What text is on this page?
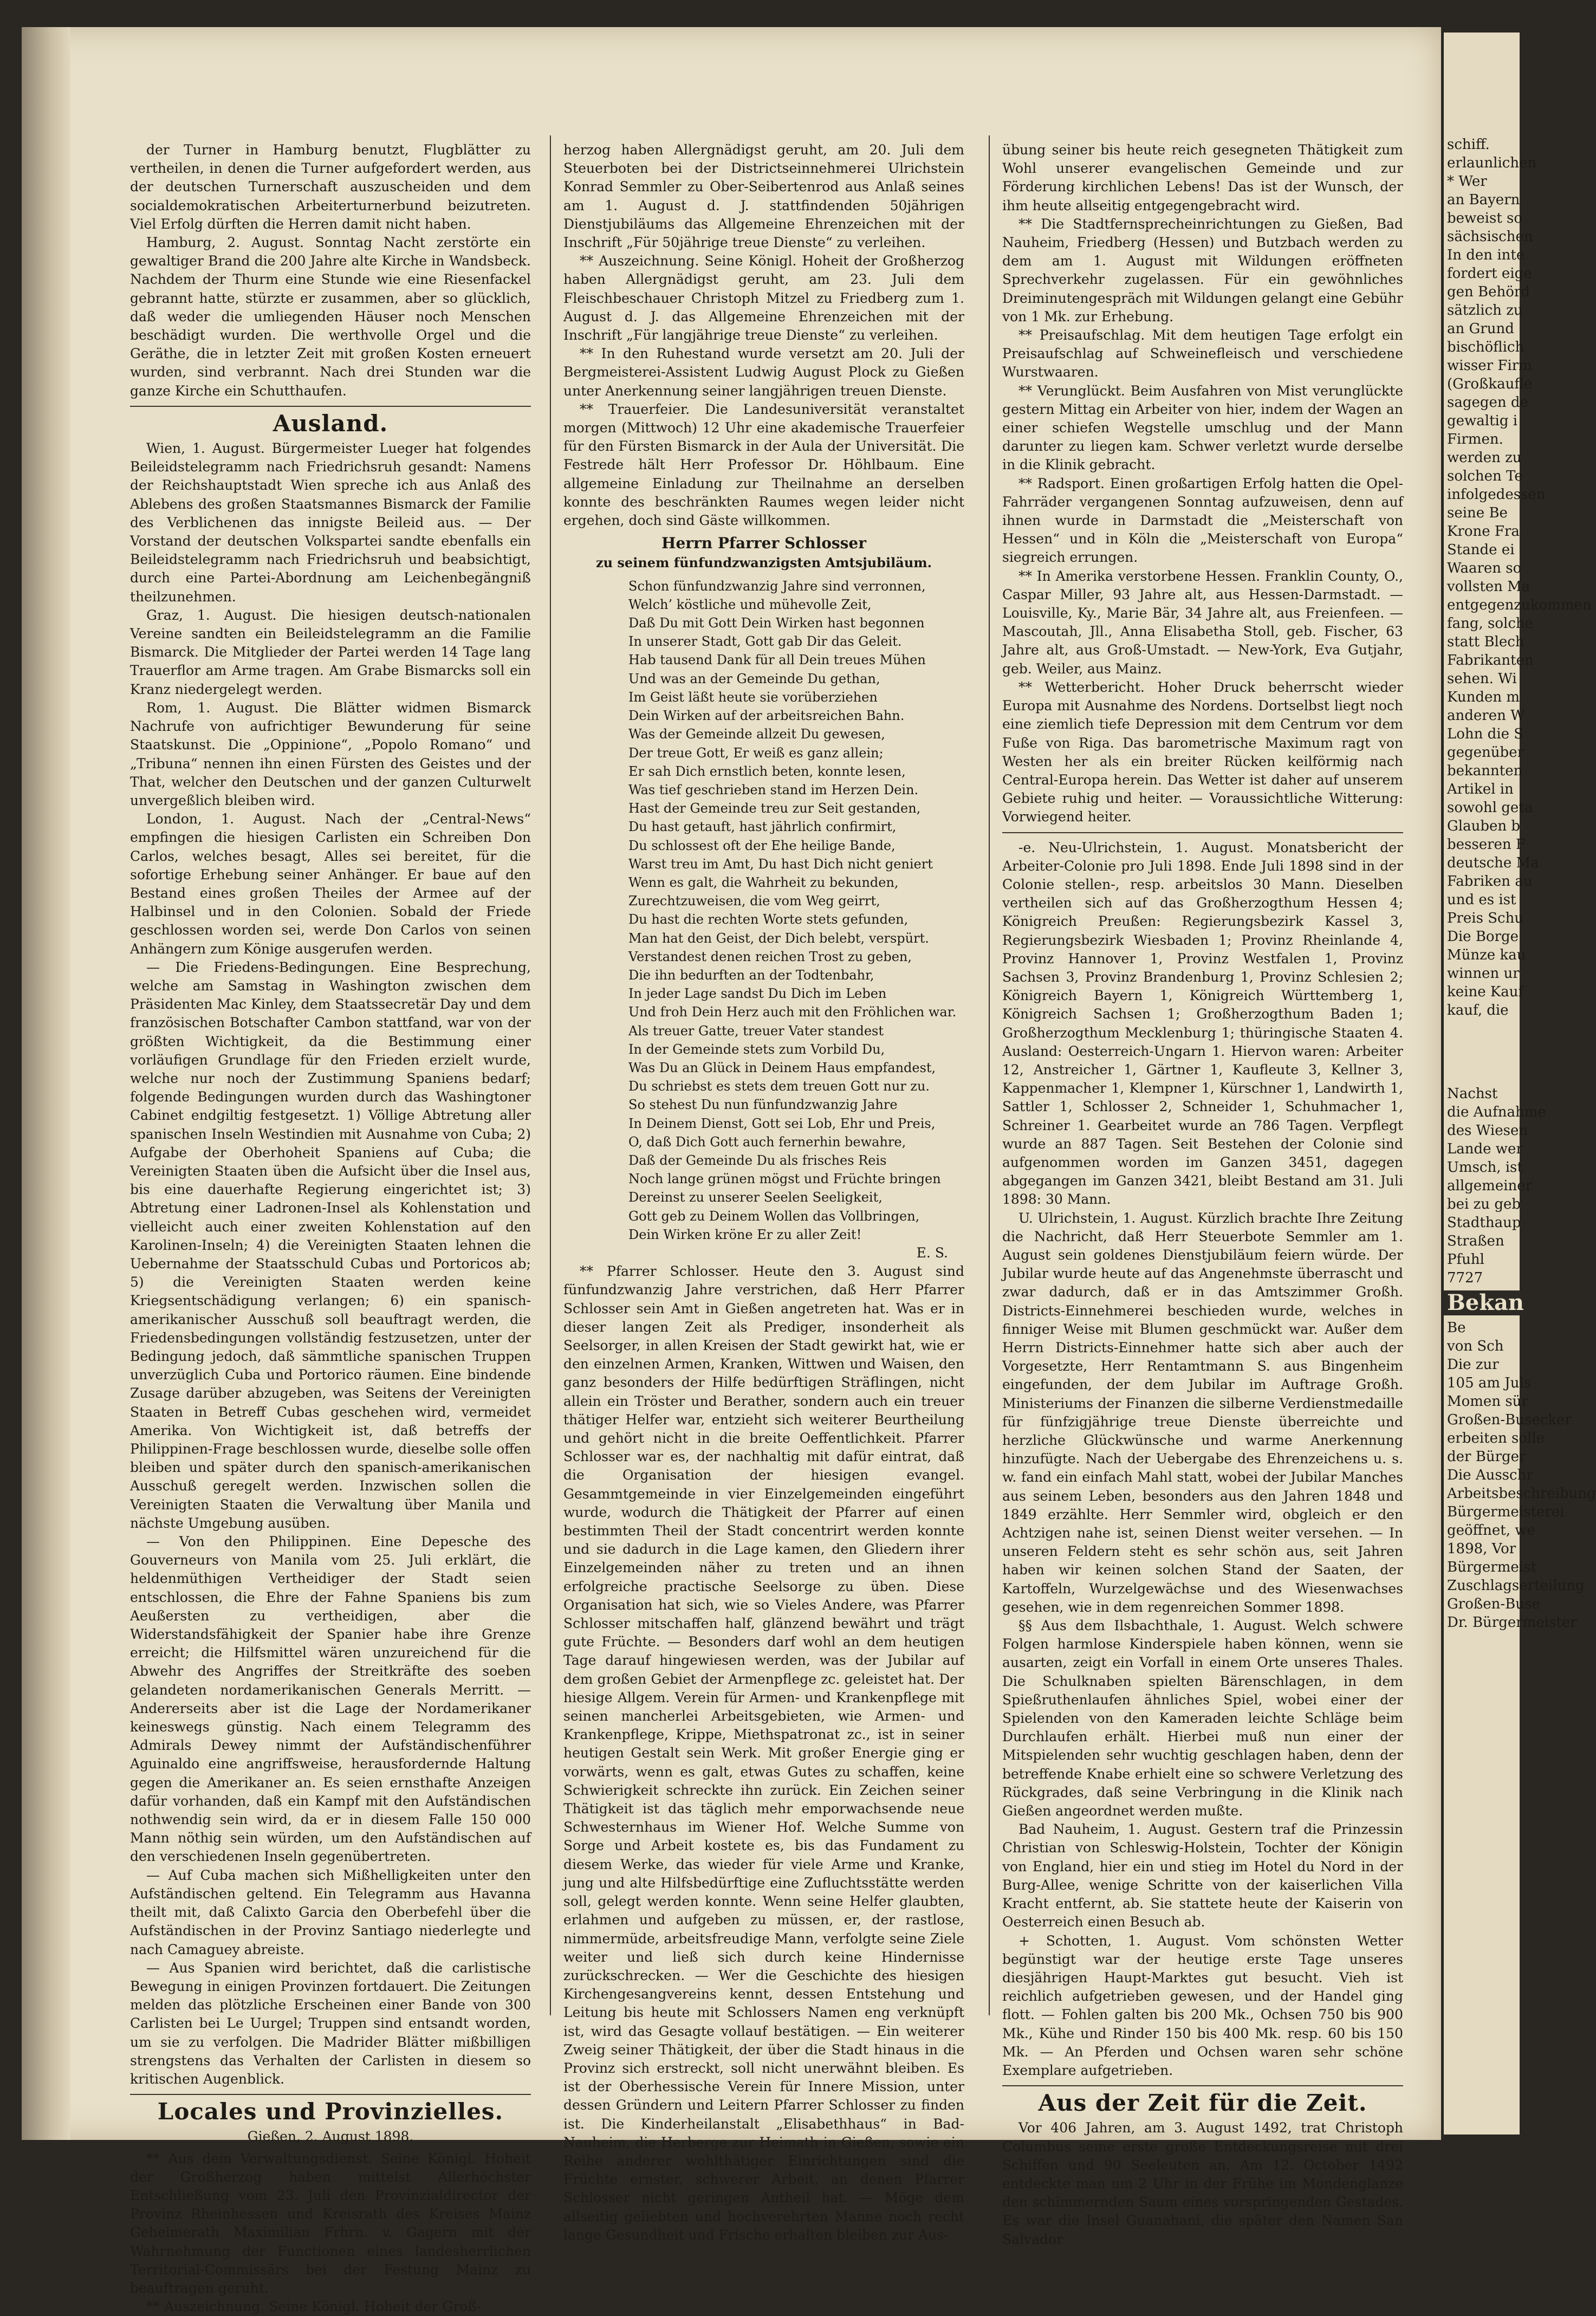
der Turner in Hamburg benutzt, Flugblätter zu vertheilen, in denen die Turner aufgefordert werden, aus der deutschen Turnerschaft auszuscheiden und dem socialdemokratischen Arbeiterturnerbund beizutreten. Viel Erfolg dürften die Herren damit nicht haben.

Hamburg, 2. August. Sonntag Nacht zerstörte ein gewaltiger Brand die 200 Jahre alte Kirche in Wandsbeck. Nachdem der Thurm eine Stunde wie eine Riesenfackel gebrannt hatte, stürzte er zusammen, aber so glücklich, daß weder die umliegenden Häuser noch Menschen beschädigt wurden. Die werthvolle Orgel und die Geräthe, die in letzter Zeit mit großen Kosten erneuert wurden, sind verbrannt. Nach drei Stunden war die ganze Kirche ein Schutthaufen.

Ausland.

Wien, 1. August. Bürgermeister Lueger hat folgendes Beileidstelegramm nach Friedrichsruh gesandt: Namens der Reichshauptstadt Wien spreche ich aus Anlaß des Ablebens des großen Staatsmannes Bismarck der Familie des Verblichenen das innigste Beileid aus. — Der Vorstand der deutschen Volkspartei sandte ebenfalls ein Beileidstelegramm nach Friedrichsruh und beabsichtigt, durch eine Partei-Abordnung am Leichenbegängniß theilzunehmen.

Graz, 1. August. Die hiesigen deutsch-nationalen Vereine sandten ein Beileidstelegramm an die Familie Bismarck. Die Mitglieder der Partei werden 14 Tage lang Trauerflor am Arme tragen. Am Grabe Bismarcks soll ein Kranz niedergelegt werden.

Rom, 1. August. Die Blätter widmen Bismarck Nachrufe von aufrichtiger Bewunderung für seine Staatskunst. Die „Oppinione“, „Popolo Romano“ und „Tribuna“ nennen ihn einen Fürsten des Geistes und der That, welcher den Deutschen und der ganzen Culturwelt unvergeßlich bleiben wird.

London, 1. August. Nach der „Central-News“ empfingen die hiesigen Carlisten ein Schreiben Don Carlos, welches besagt, Alles sei bereitet, für die sofortige Erhebung seiner Anhänger. Er baue auf den Bestand eines großen Theiles der Armee auf der Halbinsel und in den Colonien. Sobald der Friede geschlossen worden sei, werde Don Carlos von seinen Anhängern zum Könige ausgerufen werden.

— Die Friedens-Bedingungen. Eine Besprechung, welche am Samstag in Washington zwischen dem Präsidenten Mac Kinley, dem Staatssecretär Day und dem französischen Botschafter Cambon stattfand, war von der größten Wichtigkeit, da die Bestimmung einer vorläufigen Grundlage für den Frieden erzielt wurde, welche nur noch der Zustimmung Spaniens bedarf; folgende Bedingungen wurden durch das Washingtoner Cabinet endgiltig festgesetzt. 1) Völlige Abtretung aller spanischen Inseln Westindien mit Ausnahme von Cuba; 2) Aufgabe der Oberhoheit Spaniens auf Cuba; die Vereinigten Staaten üben die Aufsicht über die Insel aus, bis eine dauerhafte Regierung eingerichtet ist; 3) Abtretung einer Ladronen-Insel als Kohlenstation und vielleicht auch einer zweiten Kohlenstation auf den Karolinen-Inseln; 4) die Vereinigten Staaten lehnen die Uebernahme der Staatsschuld Cubas und Portoricos ab; 5) die Vereinigten Staaten werden keine Kriegsentschädigung verlangen; 6) ein spanisch-amerikanischer Ausschuß soll beauftragt werden, die Friedensbedingungen vollständig festzusetzen, unter der Bedingung jedoch, daß sämmtliche spanischen Truppen unverzüglich Cuba und Portorico räumen. Eine bindende Zusage darüber abzugeben, was Seitens der Vereinigten Staaten in Betreff Cubas geschehen wird, vermeidet Amerika. Von Wichtigkeit ist, daß betreffs der Philippinen-Frage beschlossen wurde, dieselbe solle offen bleiben und später durch den spanisch-amerikanischen Ausschuß geregelt werden. Inzwischen sollen die Vereinigten Staaten die Verwaltung über Manila und nächste Umgebung ausüben.

— Von den Philippinen. Eine Depesche des Gouverneurs von Manila vom 25. Juli erklärt, die heldenmüthigen Vertheidiger der Stadt seien entschlossen, die Ehre der Fahne Spaniens bis zum Aeußersten zu vertheidigen, aber die Widerstandsfähigkeit der Spanier habe ihre Grenze erreicht; die Hilfsmittel wären unzureichend für die Abwehr des Angriffes der Streitkräfte des soeben gelandeten nordamerikanischen Generals Merritt. — Andererseits aber ist die Lage der Nordamerikaner keineswegs günstig. Nach einem Telegramm des Admirals Dewey nimmt der Aufständischenführer Aguinaldo eine angriffsweise, herausfordernde Haltung gegen die Amerikaner an. Es seien ernsthafte Anzeigen dafür vorhanden, daß ein Kampf mit den Aufständischen nothwendig sein wird, da er in diesem Falle 150 000 Mann nöthig sein würden, um den Aufständischen auf den verschiedenen Inseln gegenübertreten.

— Auf Cuba machen sich Mißhelligkeiten unter den Aufständischen geltend. Ein Telegramm aus Havanna theilt mit, daß Calixto Garcia den Oberbefehl über die Aufständischen in der Provinz Santiago niederlegte und nach Camaguey abreiste.

— Aus Spanien wird berichtet, daß die carlistische Bewegung in einigen Provinzen fortdauert. Die Zeitungen melden das plötzliche Erscheinen einer Bande von 300 Carlisten bei Le Uurgel; Truppen sind entsandt worden, um sie zu verfolgen. Die Madrider Blätter mißbilligen strengstens das Verhalten der Carlisten in diesem so kritischen Augenblick.

Locales und Provinzielles.
Gießen, 2. August 1898.

** Aus dem Verwaltungsdienst. Seine Königl. Hoheit der Großherzog haben mittelst Allerhöchster Entschließung vom 23. Juli den Provinzialdirector der Provinz Rheinhessen und Kreisrath des Kreises Mainz Geheimerath Maximilian Frhrn. v. Gagern mit der Wahrnehmung der Functionen eines landesherrlichen Territorial-Commissärs bei der Festung Mainz zu beauftragen geruht.

** Auszeichnung. Seine Königl. Hoheit der Groß-

herzog haben Allergnädigst geruht, am 20. Juli dem Steuerboten bei der Districtseinnehmerei Ulrichstein Konrad Semmler zu Ober-Seibertenrod aus Anlaß seines am 1. August d. J. stattfindenden 50jährigen Dienstjubiläums das Allgemeine Ehrenzeichen mit der Inschrift „Für 50jährige treue Dienste“ zu verleihen.

** Auszeichnung. Seine Königl. Hoheit der Großherzog haben Allergnädigst geruht, am 23. Juli dem Fleischbeschauer Christoph Mitzel zu Friedberg zum 1. August d. J. das Allgemeine Ehrenzeichen mit der Inschrift „Für langjährige treue Dienste“ zu verleihen.

** In den Ruhestand wurde versetzt am 20. Juli der Bergmeisterei-Assistent Ludwig August Plock zu Gießen unter Anerkennung seiner langjährigen treuen Dienste.

** Trauerfeier. Die Landesuniversität veranstaltet morgen (Mittwoch) 12 Uhr eine akademische Trauerfeier für den Fürsten Bismarck in der Aula der Universität. Die Festrede hält Herr Professor Dr. Höhlbaum. Eine allgemeine Einladung zur Theilnahme an derselben konnte des beschränkten Raumes wegen leider nicht ergehen, doch sind Gäste willkommen.

Herrn Pfarrer Schlosser
zu seinem fünfundzwanzigsten Amtsjubiläum.
Schon fünfundzwanzig Jahre sind verronnen,
Welch’ köstliche und mühevolle Zeit,
Daß Du mit Gott Dein Wirken hast begonnen
In unserer Stadt, Gott gab Dir das Geleit.
Hab tausend Dank für all Dein treues Mühen
Und was an der Gemeinde Du gethan,
Im Geist läßt heute sie vorüberziehen
Dein Wirken auf der arbeitsreichen Bahn.
Was der Gemeinde allzeit Du gewesen,
Der treue Gott, Er weiß es ganz allein;
Er sah Dich ernstlich beten, konnte lesen,
Was tief geschrieben stand im Herzen Dein.
Hast der Gemeinde treu zur Seit gestanden,
Du hast getauft, hast jährlich confirmirt,
Du schlossest oft der Ehe heilige Bande,
Warst treu im Amt, Du hast Dich nicht geniert
Wenn es galt, die Wahrheit zu bekunden,
Zurechtzuweisen, die vom Weg geirrt,
Du hast die rechten Worte stets gefunden,
Man hat den Geist, der Dich belebt, verspürt.
Verstandest denen reichen Trost zu geben,
Die ihn bedurften an der Todtenbahr,
In jeder Lage sandst Du Dich im Leben
Und froh Dein Herz auch mit den Fröhlichen war.
Als treuer Gatte, treuer Vater standest
In der Gemeinde stets zum Vorbild Du,
Was Du an Glück in Deinem Haus empfandest,
Du schriebst es stets dem treuen Gott nur zu.
So stehest Du nun fünfundzwanzig Jahre
In Deinem Dienst, Gott sei Lob, Ehr und Preis,
O, daß Dich Gott auch fernerhin bewahre,
Daß der Gemeinde Du als frisches Reis
Noch lange grünen mögst und Früchte bringen
Dereinst zu unserer Seelen Seeligkeit,
Gott geb zu Deinem Wollen das Vollbringen,
Dein Wirken kröne Er zu aller Zeit!
E. S.

** Pfarrer Schlosser. Heute den 3. August sind fünfundzwanzig Jahre verstrichen, daß Herr Pfarrer Schlosser sein Amt in Gießen angetreten hat. Was er in dieser langen Zeit als Prediger, insonderheit als Seelsorger, in allen Kreisen der Stadt gewirkt hat, wie er den einzelnen Armen, Kranken, Wittwen und Waisen, den ganz besonders der Hilfe bedürftigen Sträflingen, nicht allein ein Tröster und Berather, sondern auch ein treuer thätiger Helfer war, entzieht sich weiterer Beurtheilung und gehört nicht in die breite Oeffentlichkeit. Pfarrer Schlosser war es, der nachhaltig mit dafür eintrat, daß die Organisation der hiesigen evangel. Gesammtgemeinde in vier Einzelgemeinden eingeführt wurde, wodurch die Thätigkeit der Pfarrer auf einen bestimmten Theil der Stadt concentrirt werden konnte und sie dadurch in die Lage kamen, den Gliedern ihrer Einzelgemeinden näher zu treten und an ihnen erfolgreiche practische Seelsorge zu üben. Diese Organisation hat sich, wie so Vieles Andere, was Pfarrer Schlosser mitschaffen half, glänzend bewährt und trägt gute Früchte. — Besonders darf wohl an dem heutigen Tage darauf hingewiesen werden, was der Jubilar auf dem großen Gebiet der Armenpflege zc. geleistet hat. Der hiesige Allgem. Verein für Armen- und Krankenpflege mit seinen mancherlei Arbeitsgebieten, wie Armen- und Krankenpflege, Krippe, Miethspatronat zc., ist in seiner heutigen Gestalt sein Werk. Mit großer Energie ging er vorwärts, wenn es galt, etwas Gutes zu schaffen, keine Schwierigkeit schreckte ihn zurück. Ein Zeichen seiner Thätigkeit ist das täglich mehr emporwachsende neue Schwesternhaus im Wiener Hof. Welche Summe von Sorge und Arbeit kostete es, bis das Fundament zu diesem Werke, das wieder für viele Arme und Kranke, jung und alte Hilfsbedürftige eine Zufluchtsstätte werden soll, gelegt werden konnte. Wenn seine Helfer glaubten, erlahmen und aufgeben zu müssen, er, der rastlose, nimmermüde, arbeitsfreudige Mann, verfolgte seine Ziele weiter und ließ sich durch keine Hindernisse zurückschrecken. — Wer die Geschichte des hiesigen Kirchengesangvereins kennt, dessen Entstehung und Leitung bis heute mit Schlossers Namen eng verknüpft ist, wird das Gesagte vollauf bestätigen. — Ein weiterer Zweig seiner Thätigkeit, der über die Stadt hinaus in die Provinz sich erstreckt, soll nicht unerwähnt bleiben. Es ist der Oberhessische Verein für Innere Mission, unter dessen Gründern und Leitern Pfarrer Schlosser zu finden ist. Die Kinderheilanstalt „Elisabethhaus“ in Bad-Nauheim, die Herberge zur Heimath in Gießen, sowie ein Reihe anderer wohlthätiger Einrichtungen sind die Früchte ernster, schwerer Arbeit, an denen Pfarrer Schlosser nicht geringen Antheil hat. — Möge dem allseitig geliebten und hochverehrten Manne noch recht lange Gesundheit und Frische erhalten bleiben zur Aus-

übung seiner bis heute reich gesegneten Thätigkeit zum Wohl unserer evangelischen Gemeinde und zur Förderung kirchlichen Lebens! Das ist der Wunsch, der ihm heute allseitig entgegengebracht wird.

** Die Stadtfernsprecheinrichtungen zu Gießen, Bad Nauheim, Friedberg (Hessen) und Butzbach werden zu dem am 1. August mit Wildungen eröffneten Sprechverkehr zugelassen. Für ein gewöhnliches Dreiminutengespräch mit Wildungen gelangt eine Gebühr von 1 Mk. zur Erhebung.

** Preisaufschlag. Mit dem heutigen Tage erfolgt ein Preisaufschlag auf Schweinefleisch und verschiedene Wurstwaaren.

** Verunglückt. Beim Ausfahren von Mist verunglückte gestern Mittag ein Arbeiter von hier, indem der Wagen an einer schiefen Wegstelle umschlug und der Mann darunter zu liegen kam. Schwer verletzt wurde derselbe in die Klinik gebracht.

** Radsport. Einen großartigen Erfolg hatten die Opel-Fahrräder vergangenen Sonntag aufzuweisen, denn auf ihnen wurde in Darmstadt die „Meisterschaft von Hessen“ und in Köln die „Meisterschaft von Europa“ siegreich errungen.

** In Amerika verstorbene Hessen. Franklin County, O., Caspar Miller, 93 Jahre alt, aus Hessen-Darmstadt. — Louisville, Ky., Marie Bär, 34 Jahre alt, aus Freienfeen. — Mascoutah, Jll., Anna Elisabetha Stoll, geb. Fischer, 63 Jahre alt, aus Groß-Umstadt. — New-York, Eva Gutjahr, geb. Weiler, aus Mainz.

** Wetterbericht. Hoher Druck beherrscht wieder Europa mit Ausnahme des Nordens. Dortselbst liegt noch eine ziemlich tiefe Depression mit dem Centrum vor dem Fuße von Riga. Das barometrische Maximum ragt von Westen her als ein breiter Rücken keilförmig nach Central-Europa herein. Das Wetter ist daher auf unserem Gebiete ruhig und heiter. — Voraussichtliche Witterung: Vorwiegend heiter.

-e. Neu-Ulrichstein, 1. August. Monatsbericht der Arbeiter-Colonie pro Juli 1898. Ende Juli 1898 sind in der Colonie stellen-, resp. arbeitslos 30 Mann. Dieselben vertheilen sich auf das Großherzogthum Hessen 4; Königreich Preußen: Regierungsbezirk Kassel 3, Regierungsbezirk Wiesbaden 1; Provinz Rheinlande 4, Provinz Hannover 1, Provinz Westfalen 1, Provinz Sachsen 3, Provinz Brandenburg 1, Provinz Schlesien 2; Königreich Bayern 1, Königreich Württemberg 1, Königreich Sachsen 1; Großherzogthum Baden 1; Großherzogthum Mecklenburg 1; thüringische Staaten 4. Ausland: Oesterreich-Ungarn 1. Hiervon waren: Arbeiter 12, Anstreicher 1, Gärtner 1, Kaufleute 3, Kellner 3, Kappenmacher 1, Klempner 1, Kürschner 1, Landwirth 1, Sattler 1, Schlosser 2, Schneider 1, Schuhmacher 1, Schreiner 1. Gearbeitet wurde an 786 Tagen. Verpflegt wurde an 887 Tagen. Seit Bestehen der Colonie sind aufgenommen worden im Ganzen 3451, dagegen abgegangen im Ganzen 3421, bleibt Bestand am 31. Juli 1898: 30 Mann.

U. Ulrichstein, 1. August. Kürzlich brachte Ihre Zeitung die Nachricht, daß Herr Steuerbote Semmler am 1. August sein goldenes Dienstjubiläum feiern würde. Der Jubilar wurde heute auf das Angenehmste überrascht und zwar dadurch, daß er in das Amtszimmer Großh. Districts-Einnehmerei beschieden wurde, welches in finniger Weise mit Blumen geschmückt war. Außer dem Herrn Districts-Einnehmer hatte sich aber auch der Vorgesetzte, Herr Rentamtmann S. aus Bingenheim eingefunden, der dem Jubilar im Auftrage Großh. Ministeriums der Finanzen die silberne Verdienstmedaille für fünfzigjährige treue Dienste überreichte und herzliche Glückwünsche und warme Anerkennung hinzufügte. Nach der Uebergabe des Ehrenzeichens u. s. w. fand ein einfach Mahl statt, wobei der Jubilar Manches aus seinem Leben, besonders aus den Jahren 1848 und 1849 erzählte. Herr Semmler wird, obgleich er den Achtzigen nahe ist, seinen Dienst weiter versehen. — In unseren Feldern steht es sehr schön aus, seit Jahren haben wir keinen solchen Stand der Saaten, der Kartoffeln, Wurzelgewächse und des Wiesenwachses gesehen, wie in dem regenreichen Sommer 1898.

§§ Aus dem Ilsbachthale, 1. August. Welch schwere Folgen harmlose Kinderspiele haben können, wenn sie ausarten, zeigt ein Vorfall in einem Orte unseres Thales. Die Schulknaben spielten Bärenschlagen, in dem Spießruthenlaufen ähnliches Spiel, wobei einer der Spielenden von den Kameraden leichte Schläge beim Durchlaufen erhält. Hierbei muß nun einer der Mitspielenden sehr wuchtig geschlagen haben, denn der betreffende Knabe erhielt eine so schwere Verletzung des Rückgrades, daß seine Verbringung in die Klinik nach Gießen angeordnet werden mußte.

Bad Nauheim, 1. August. Gestern traf die Prinzessin Christian von Schleswig-Holstein, Tochter der Königin von England, hier ein und stieg im Hotel du Nord in der Burg-Allee, wenige Schritte von der kaiserlichen Villa Kracht entfernt, ab. Sie stattete heute der Kaiserin von Oesterreich einen Besuch ab.

+ Schotten, 1. August. Vom schönsten Wetter begünstigt war der heutige erste Tage unseres diesjährigen Haupt-Marktes gut besucht. Vieh ist reichlich aufgetrieben gewesen, und der Handel ging flott. — Fohlen galten bis 200 Mk., Ochsen 750 bis 900 Mk., Kühe und Rinder 150 bis 400 Mk. resp. 60 bis 150 Mk. — An Pferden und Ochsen waren sehr schöne Exemplare aufgetrieben.

Aus der Zeit für die Zeit.

Vor 406 Jahren, am 3. August 1492, trat Christoph Columbus seine erste große Entdeckungsreise mit drei Schiffen und 90 Seeleuten an. Am 12. October 1492 entdeckte man um 2 Uhr in der Frühe im Mondenglanze den schimmernden Saum eines vorspringenden Gestades. Es war die Insel Guanahani, die später den Namen San Salvador

schiff.
erlaunlichen
* Wer
an Bayern
beweist so
sächsischen
In den inte
fordert eige
gen Behörd
sätzlich zu
an Grund
bischöflich
wisser Firm
(Großkaufle
sagegen de
gewaltig i
Firmen.
werden zu
solchen Te
infolgedessen
seine Be
Krone Fra
Stande ei
Waaren so
vollsten Ma
entgegenzukommen
fang, solche
statt Blech
Fabrikanten
sehen. Wi
Kunden m
anderen W
Lohn die S
gegenüber
bekannten
Artikel in
sowohl geta
Glauben b
besseren F
deutsche Ma
Fabriken au
und es ist
Preis Schu
Die Borge
Münze kau
winnen ur
keine Kauf
kauf, die
Nachst
die Aufnahme
des Wiesen
Lande wer
Umsch, ist
allgemeiner
bei zu geb
Stadthaup
Straßen
Pfuhl
7727
Bekan
Be
von Sch
Die zur
105 am Juls
Momen sür
Großen-Busecker
erbeiten solle
der Bürger
Die Ausschr
Arbeitsbeschreibung
Bürgermeisterei
geöffnet, we
1898, Vor
Bürgermeist
Zuschlagserteilung
Großen-Buse
Dr. Bürgermeister
